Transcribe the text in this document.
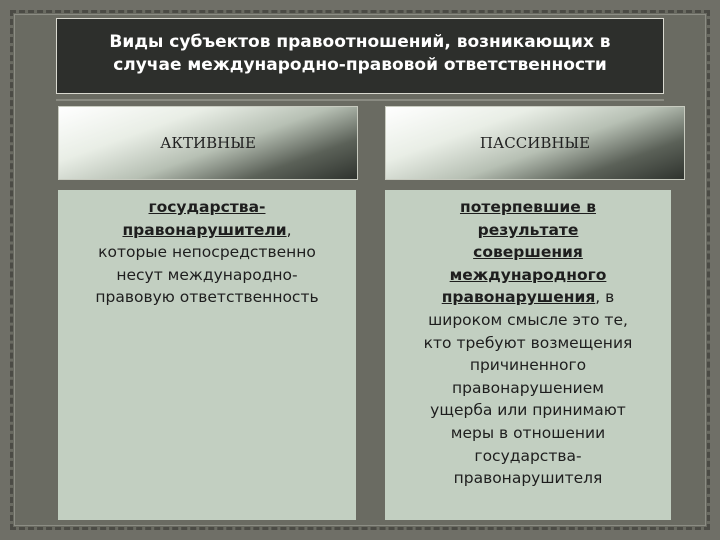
Виды субъектов правоотношений, возникающих в
случае международно-правовой ответственности
АКТИВНЫЕ	ПАССИВНЫЕ
государства-
правонарушители,
которые непосредственно
несут международно-
правовую ответственность
потерпевшие в
результате
совершения
международного
правонарушения, в
широком смысле это те,
кто требуют возмещения
причиненного
правонарушением
ущерба или принимают
меры в отношении
государства-
правонарушителя
